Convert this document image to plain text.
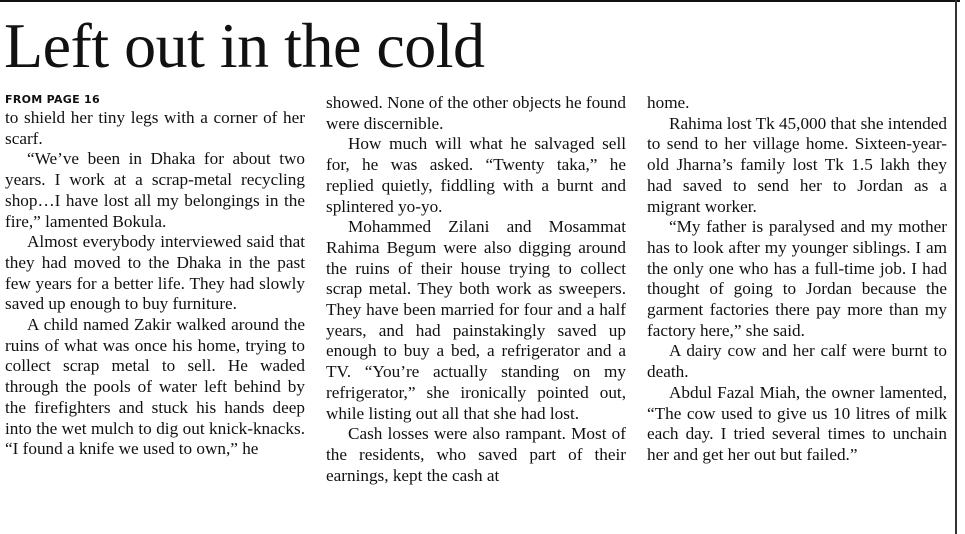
Left out in the cold
FROM PAGE 16

to shield her tiny legs with a corner of her scarf.

“We’ve been in Dhaka for about two years. I work at a scrap-metal recycling shop…I have lost all my belongings in the fire,” lamented Bokula.

Almost everybody interviewed said that they had moved to the Dhaka in the past few years for a better life. They had slowly saved up enough to buy furniture.

A child named Zakir walked around the ruins of what was once his home, trying to collect scrap metal to sell. He waded through the pools of water left behind by the firefighters and stuck his hands deep into the wet mulch to dig out knick-knacks. “I found a knife we used to own,” he

showed. None of the other objects he found were discernible.

How much will what he salvaged sell for, he was asked. “Twenty taka,” he replied quietly, fiddling with a burnt and splintered yo-yo.

Mohammed Zilani and Mosammat Rahima Begum were also digging around the ruins of their house trying to collect scrap metal. They both work as sweepers. They have been married for four and a half years, and had painstakingly saved up enough to buy a bed, a refrigerator and a TV. “You’re actually standing on my refrigerator,” she ironically pointed out, while listing out all that she had lost.

Cash losses were also rampant. Most of the residents, who saved part of their earnings, kept the cash at

home.

Rahima lost Tk 45,000 that she intended to send to her village home. Sixteen-year-old Jharna’s family lost Tk 1.5 lakh they had saved to send her to Jordan as a migrant worker.

“My father is paralysed and my mother has to look after my younger siblings. I am the only one who has a full-time job. I had thought of going to Jordan because the garment factories there pay more than my factory here,” she said.

A dairy cow and her calf were burnt to death.

Abdul Fazal Miah, the owner lamented, “The cow used to give us 10 litres of milk each day. I tried several times to unchain her and get her out but failed.”
